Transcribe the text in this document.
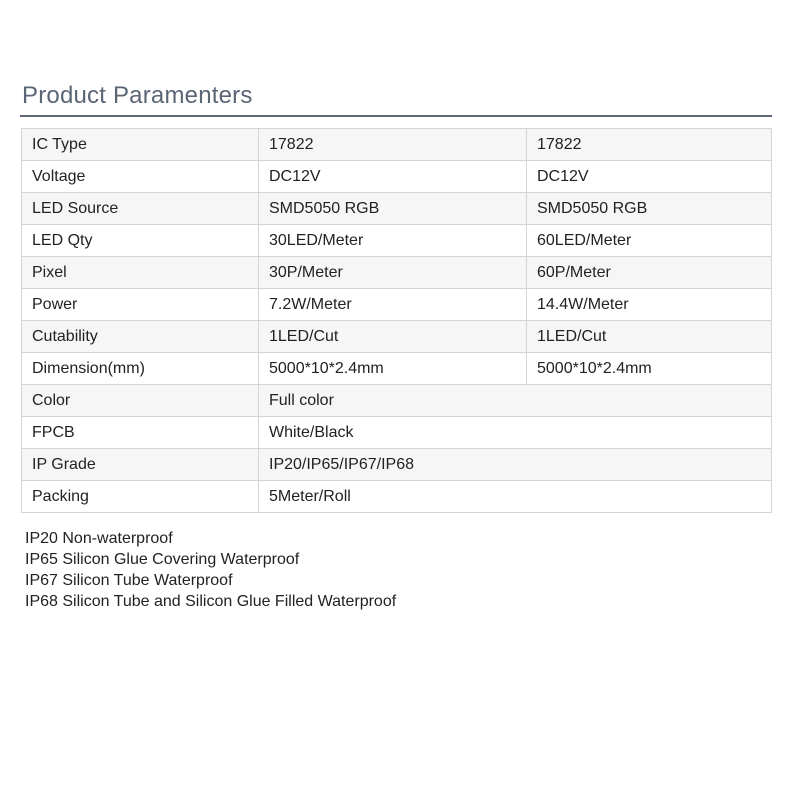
Product Paramenters
IC Type	17822	17822
Voltage	DC12V	DC12V
LED Source	SMD5050 RGB	SMD5050 RGB
LED Qty	30LED/Meter	60LED/Meter
Pixel	30P/Meter	60P/Meter
Power	7.2W/Meter	14.4W/Meter
Cutability	1LED/Cut	1LED/Cut
Dimension(mm)	5000*10*2.4mm	5000*10*2.4mm
Color	Full color	
FPCB	White/Black	
IP Grade	IP20/IP65/IP67/IP68	
Packing	5Meter/Roll	
IP20 Non-waterproof
IP65 Silicon Glue Covering Waterproof
IP67 Silicon Tube Waterproof
IP68 Silicon Tube and Silicon Glue Filled Waterproof
